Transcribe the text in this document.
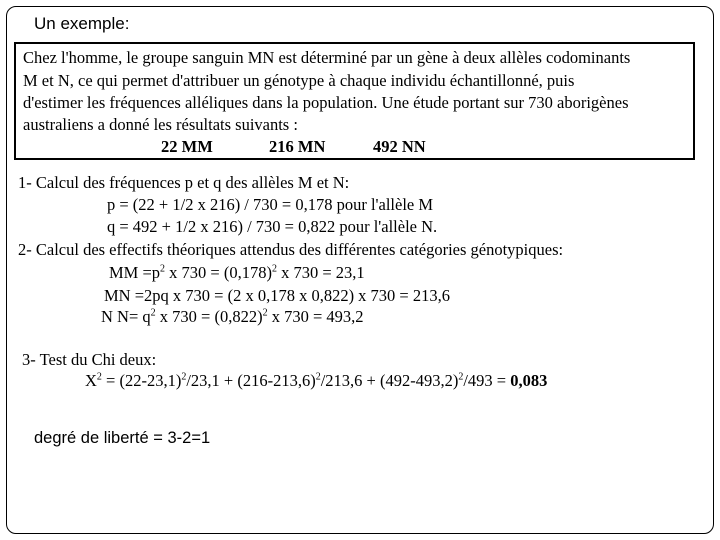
Un exemple:
Chez l'homme, le groupe sanguin MN est déterminé par un gène à deux allèles codominants
M et N, ce qui permet d'attribuer un génotype à chaque individu échantillonné, puis
d'estimer les fréquences alléliques dans la population. Une étude portant sur 730 aborigènes
australiens a donné les résultats suivants :
22 MM	216 MN	492 NN
1- Calcul des fréquences p et q des allèles M et N:
p = (22 + 1/2 x 216) / 730 = 0,178 pour l'allèle M
q = 492 + 1/2 x 216) / 730 = 0,822 pour l'allèle N.
2- Calcul des effectifs théoriques attendus des différentes catégories génotypiques:
MM $=p^2$ x $730 = (0,178)^2$ x 730 = 23,1
MN =2pq x 730 = (2 x 0,178 x 0,822) x 730 = 213,6
N $N= q^2$ x $730 = (0,822)^2$ x 730 = 493,2
3- Test du Chi deux:
$X^2 = (22-23,1)^2/23,1 + (216-213,6)^2/213,6 + (492-493,2)^2/493 = 0,083$
degré de liberté = 3-2=1
